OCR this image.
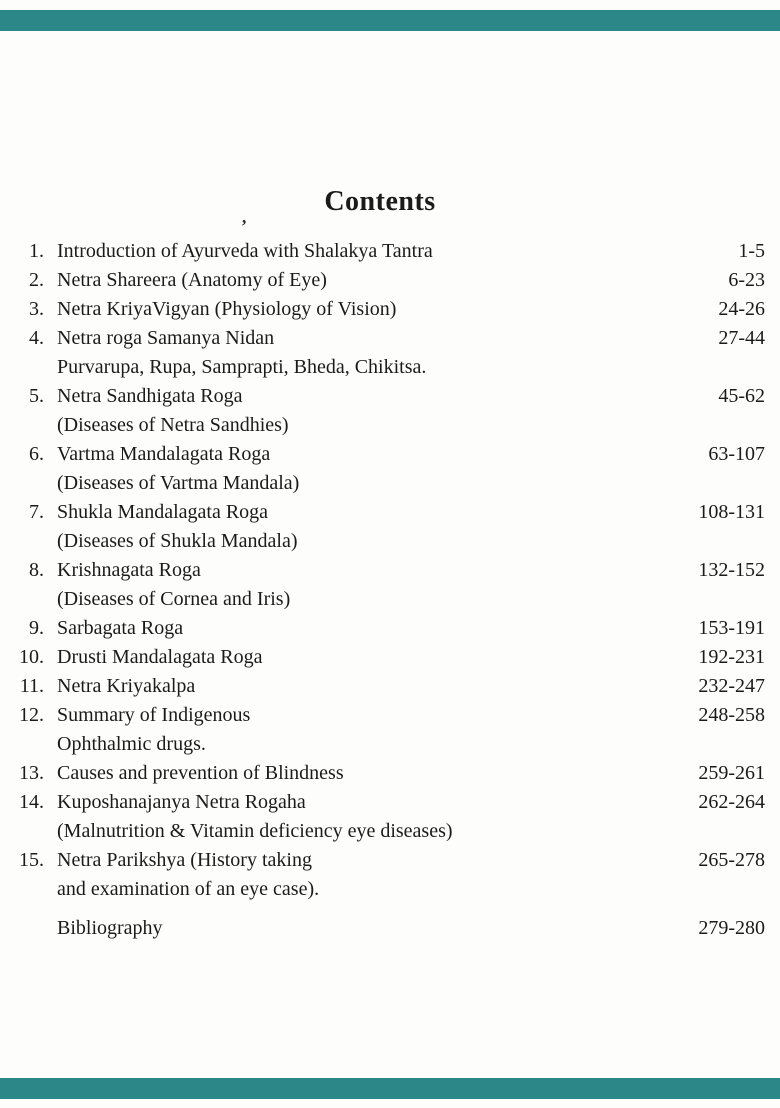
Contents
’
1. Introduction of Ayurveda with Shalakya Tantra	1-5
2. Netra Shareera (Anatomy of Eye)	6-23
3. Netra KriyaVigyan (Physiology of Vision)	24-26
4. Netra roga Samanya Nidan	27-44
Purvarupa, Rupa, Samprapti, Bheda, Chikitsa.
5. Netra Sandhigata Roga	45-62
(Diseases of Netra Sandhies)
6. Vartma Mandalagata Roga	63-107
(Diseases of Vartma Mandala)
7. Shukla Mandalagata Roga	108-131
(Diseases of Shukla Mandala)
8. Krishnagata Roga	132-152
(Diseases of Cornea and Iris)
9. Sarbagata Roga	153-191
10. Drusti Mandalagata Roga	192-231
11. Netra Kriyakalpa	232-247
12. Summary of Indigenous	248-258
Ophthalmic drugs.
13. Causes and prevention of Blindness	259-261
14. Kuposhanajanya Netra Rogaha	262-264
(Malnutrition & Vitamin deficiency eye diseases)
15. Netra Parikshya (History taking	265-278
and examination of an eye case).
Bibliography	279-280
